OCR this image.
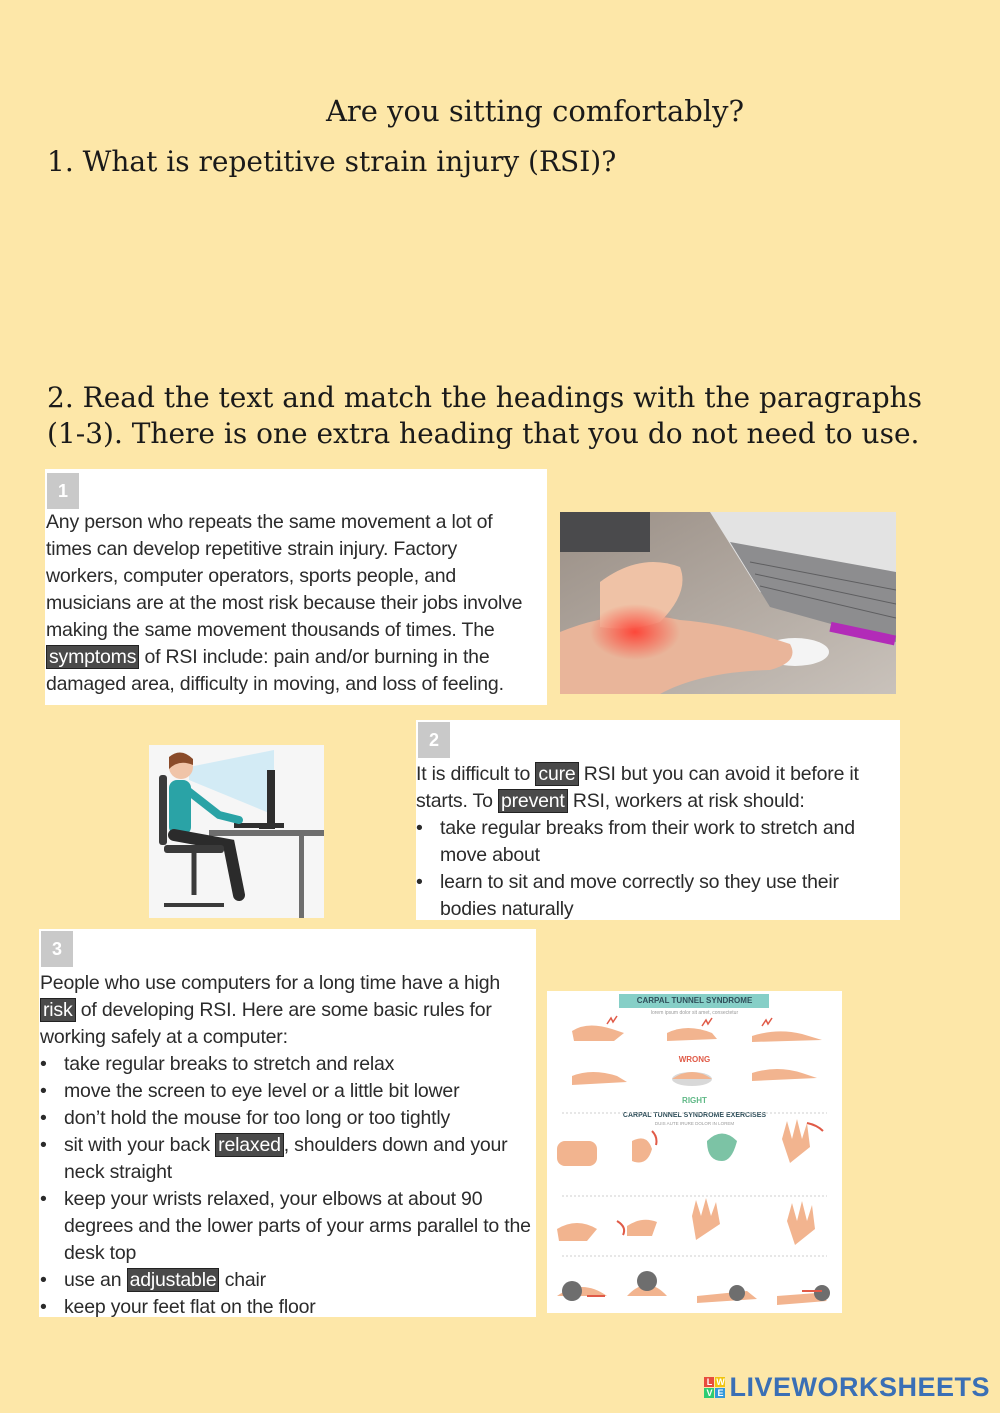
Are you sitting comfortably?
1. What is repetitive strain injury (RSI)?
2. Read the text and match the headings with the paragraphs (1-3). There is one extra heading that you do not need to use.
1
Any person who repeats the same movement a lot of
times can develop repetitive strain injury. Factory
workers, computer operators, sports people, and
musicians are at the most risk because their jobs involve
making the same movement thousands of times. The
symptoms of RSI include: pain and/or burning in the
damaged area, difficulty in moving, and loss of feeling.
2
It is difficult to cure RSI but you can avoid it before it
starts. To prevent RSI, workers at risk should:
• take regular breaks from their work to stretch and move about
• learn to sit and move correctly so they use their bodies naturally
3
People who use computers for a long time have a high
risk of developing RSI. Here are some basic rules for
working safely at a computer:
• take regular breaks to stretch and relax
• move the screen to eye level or a little bit lower
• don’t hold the mouse for too long or too tightly
• sit with your back relaxed , shoulders down and your neck straight
• keep your wrists relaxed, your elbows at about 90 degrees and the lower parts of your arms parallel to the desk top
• use an adjustable chair
• keep your feet flat on the floor
CARPAL TUNNEL SYNDROME
lorem ipsum dolor sit amet, consectetur
WRONG
RIGHT
CARPAL TUNNEL SYNDROME EXERCISES
DUIS AUTE IRURE DOLOR IN LOREM
L W
V E LIVEWORKSHEETS
